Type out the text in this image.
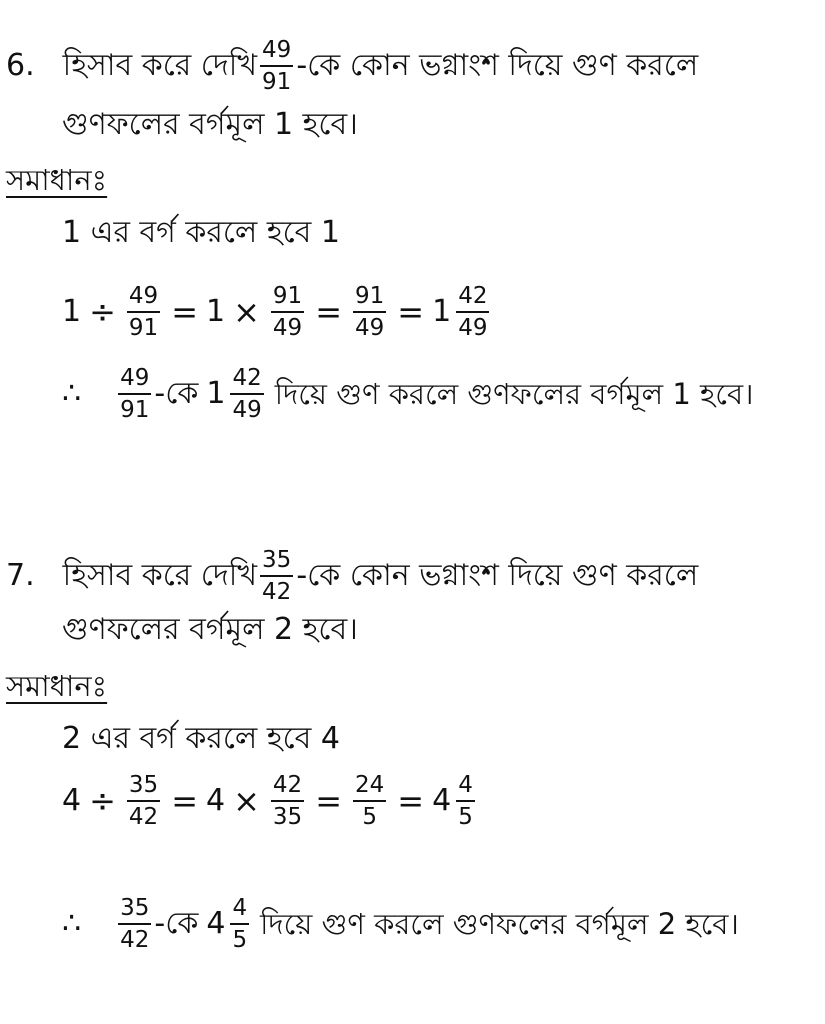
6. হিসাব করে দেখি $\frac{49}{91}$ -কে কোন ভগ্নাংশ দিয়ে গুণ করলে
গুণফলের বর্গমূল 1 হবে।
সমাধানঃ
1 এর বর্গ করলে হবে 1
$1 \div \frac{49}{91} = 1 \times \frac{91}{49} = \frac{91}{49} = 1 \frac{42}{49}$
∴ $\frac{49}{91}$ -কে $1 \frac{42}{49}$ দিয়ে গুণ করলে গুণফলের বর্গমূল 1 হবে।
7. হিসাব করে দেখি $\frac{35}{42}$ -কে কোন ভগ্নাংশ দিয়ে গুণ করলে
গুণফলের বর্গমূল 2 হবে।
সমাধানঃ
2 এর বর্গ করলে হবে 4
$4 \div \frac{35}{42} = 4 \times \frac{42}{35} = \frac{24}{5} = 4 \frac{4}{5}$
∴ $\frac{35}{42}$ -কে $4 \frac{4}{5}$ দিয়ে গুণ করলে গুণফলের বর্গমূল 2 হবে।
